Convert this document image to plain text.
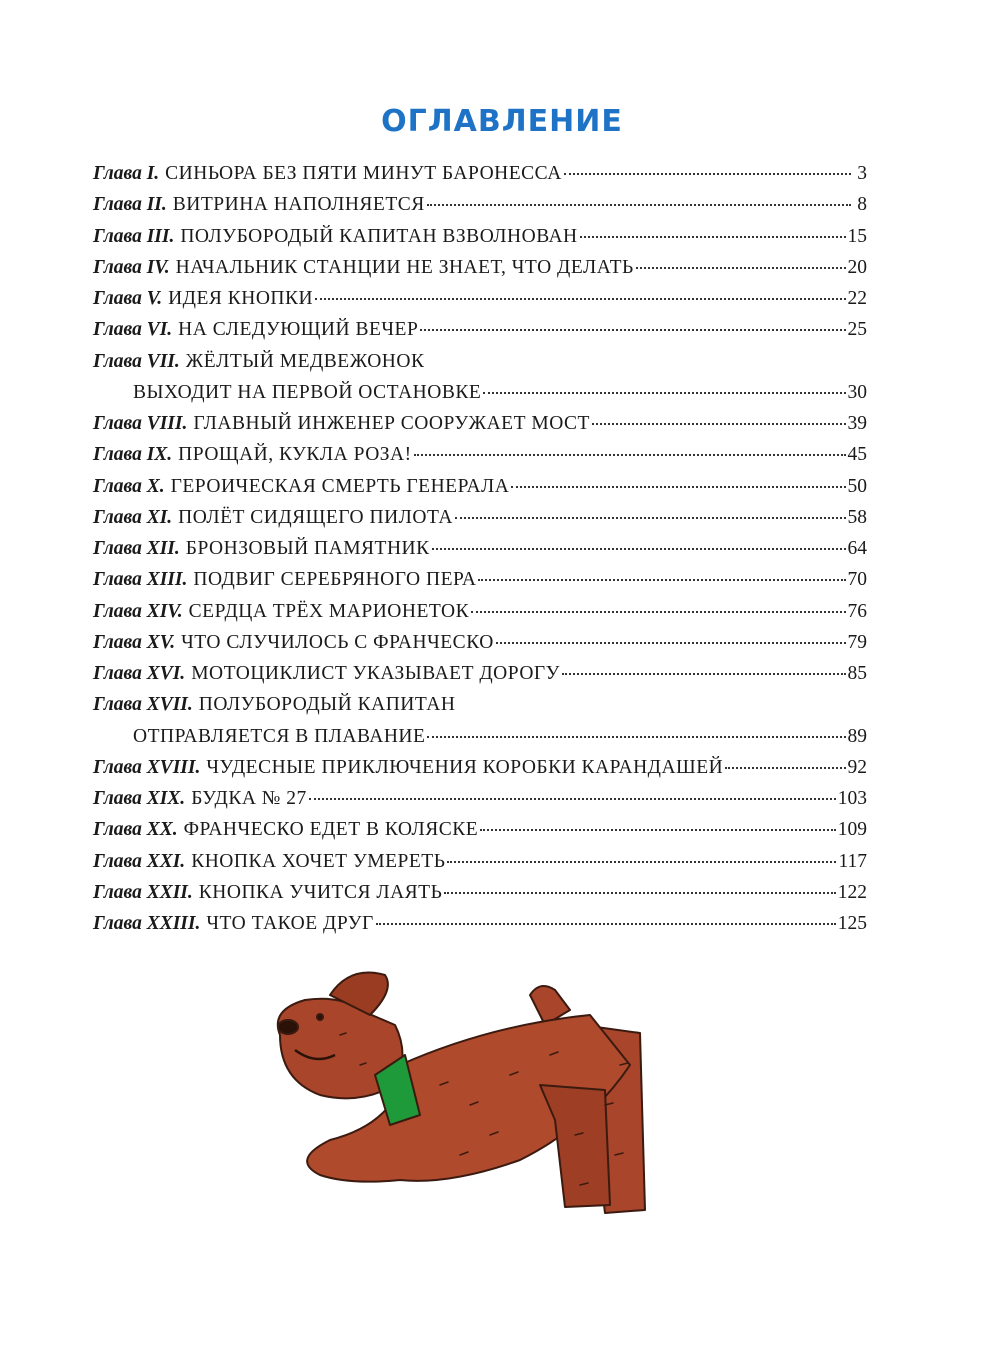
ОГЛАВЛЕНИЕ
Глава I. СИНЬОРА БЕЗ ПЯТИ МИНУТ БАРОНЕССА	3
Глава II. ВИТРИНА НАПОЛНЯЕТСЯ	8
Глава III. ПОЛУБОРОДЫЙ КАПИТАН ВЗВОЛНОВАН	15
Глава IV. НАЧАЛЬНИК СТАНЦИИ НЕ ЗНАЕТ, ЧТО ДЕЛАТЬ	20
Глава V. ИДЕЯ КНОПКИ	22
Глава VI. НА СЛЕДУЮЩИЙ ВЕЧЕР	25
Глава VII. ЖЁЛТЫЙ МЕДВЕЖОНОК
ВЫХОДИТ НА ПЕРВОЙ ОСТАНОВКЕ	30
Глава VIII. ГЛАВНЫЙ ИНЖЕНЕР СООРУЖАЕТ МОСТ	39
Глава IX. ПРОЩАЙ, КУКЛА РОЗА!	45
Глава X. ГЕРОИЧЕСКАЯ СМЕРТЬ ГЕНЕРАЛА	50
Глава XI. ПОЛЁТ СИДЯЩЕГО ПИЛОТА	58
Глава XII. БРОНЗОВЫЙ ПАМЯТНИК	64
Глава XIII. ПОДВИГ СЕРЕБРЯНОГО ПЕРА	70
Глава XIV. СЕРДЦА ТРЁХ МАРИОНЕТОК	76
Глава XV. ЧТО СЛУЧИЛОСЬ С ФРАНЧЕСКО	79
Глава XVI. МОТОЦИКЛИСТ УКАЗЫВАЕТ ДОРОГУ	85
Глава XVII. ПОЛУБОРОДЫЙ КАПИТАН
ОТПРАВЛЯЕТСЯ В ПЛАВАНИЕ	89
Глава XVIII. ЧУДЕСНЫЕ ПРИКЛЮЧЕНИЯ КОРОБКИ КАРАНДАШЕЙ	92
Глава XIX. БУДКА № 27	103
Глава XX. ФРАНЧЕСКО ЕДЕТ В КОЛЯСКЕ	109
Глава XXI. КНОПКА ХОЧЕТ УМЕРЕТЬ	117
Глава XXII. КНОПКА УЧИТСЯ ЛАЯТЬ	122
Глава XXIII. ЧТО ТАКОЕ ДРУГ	125
